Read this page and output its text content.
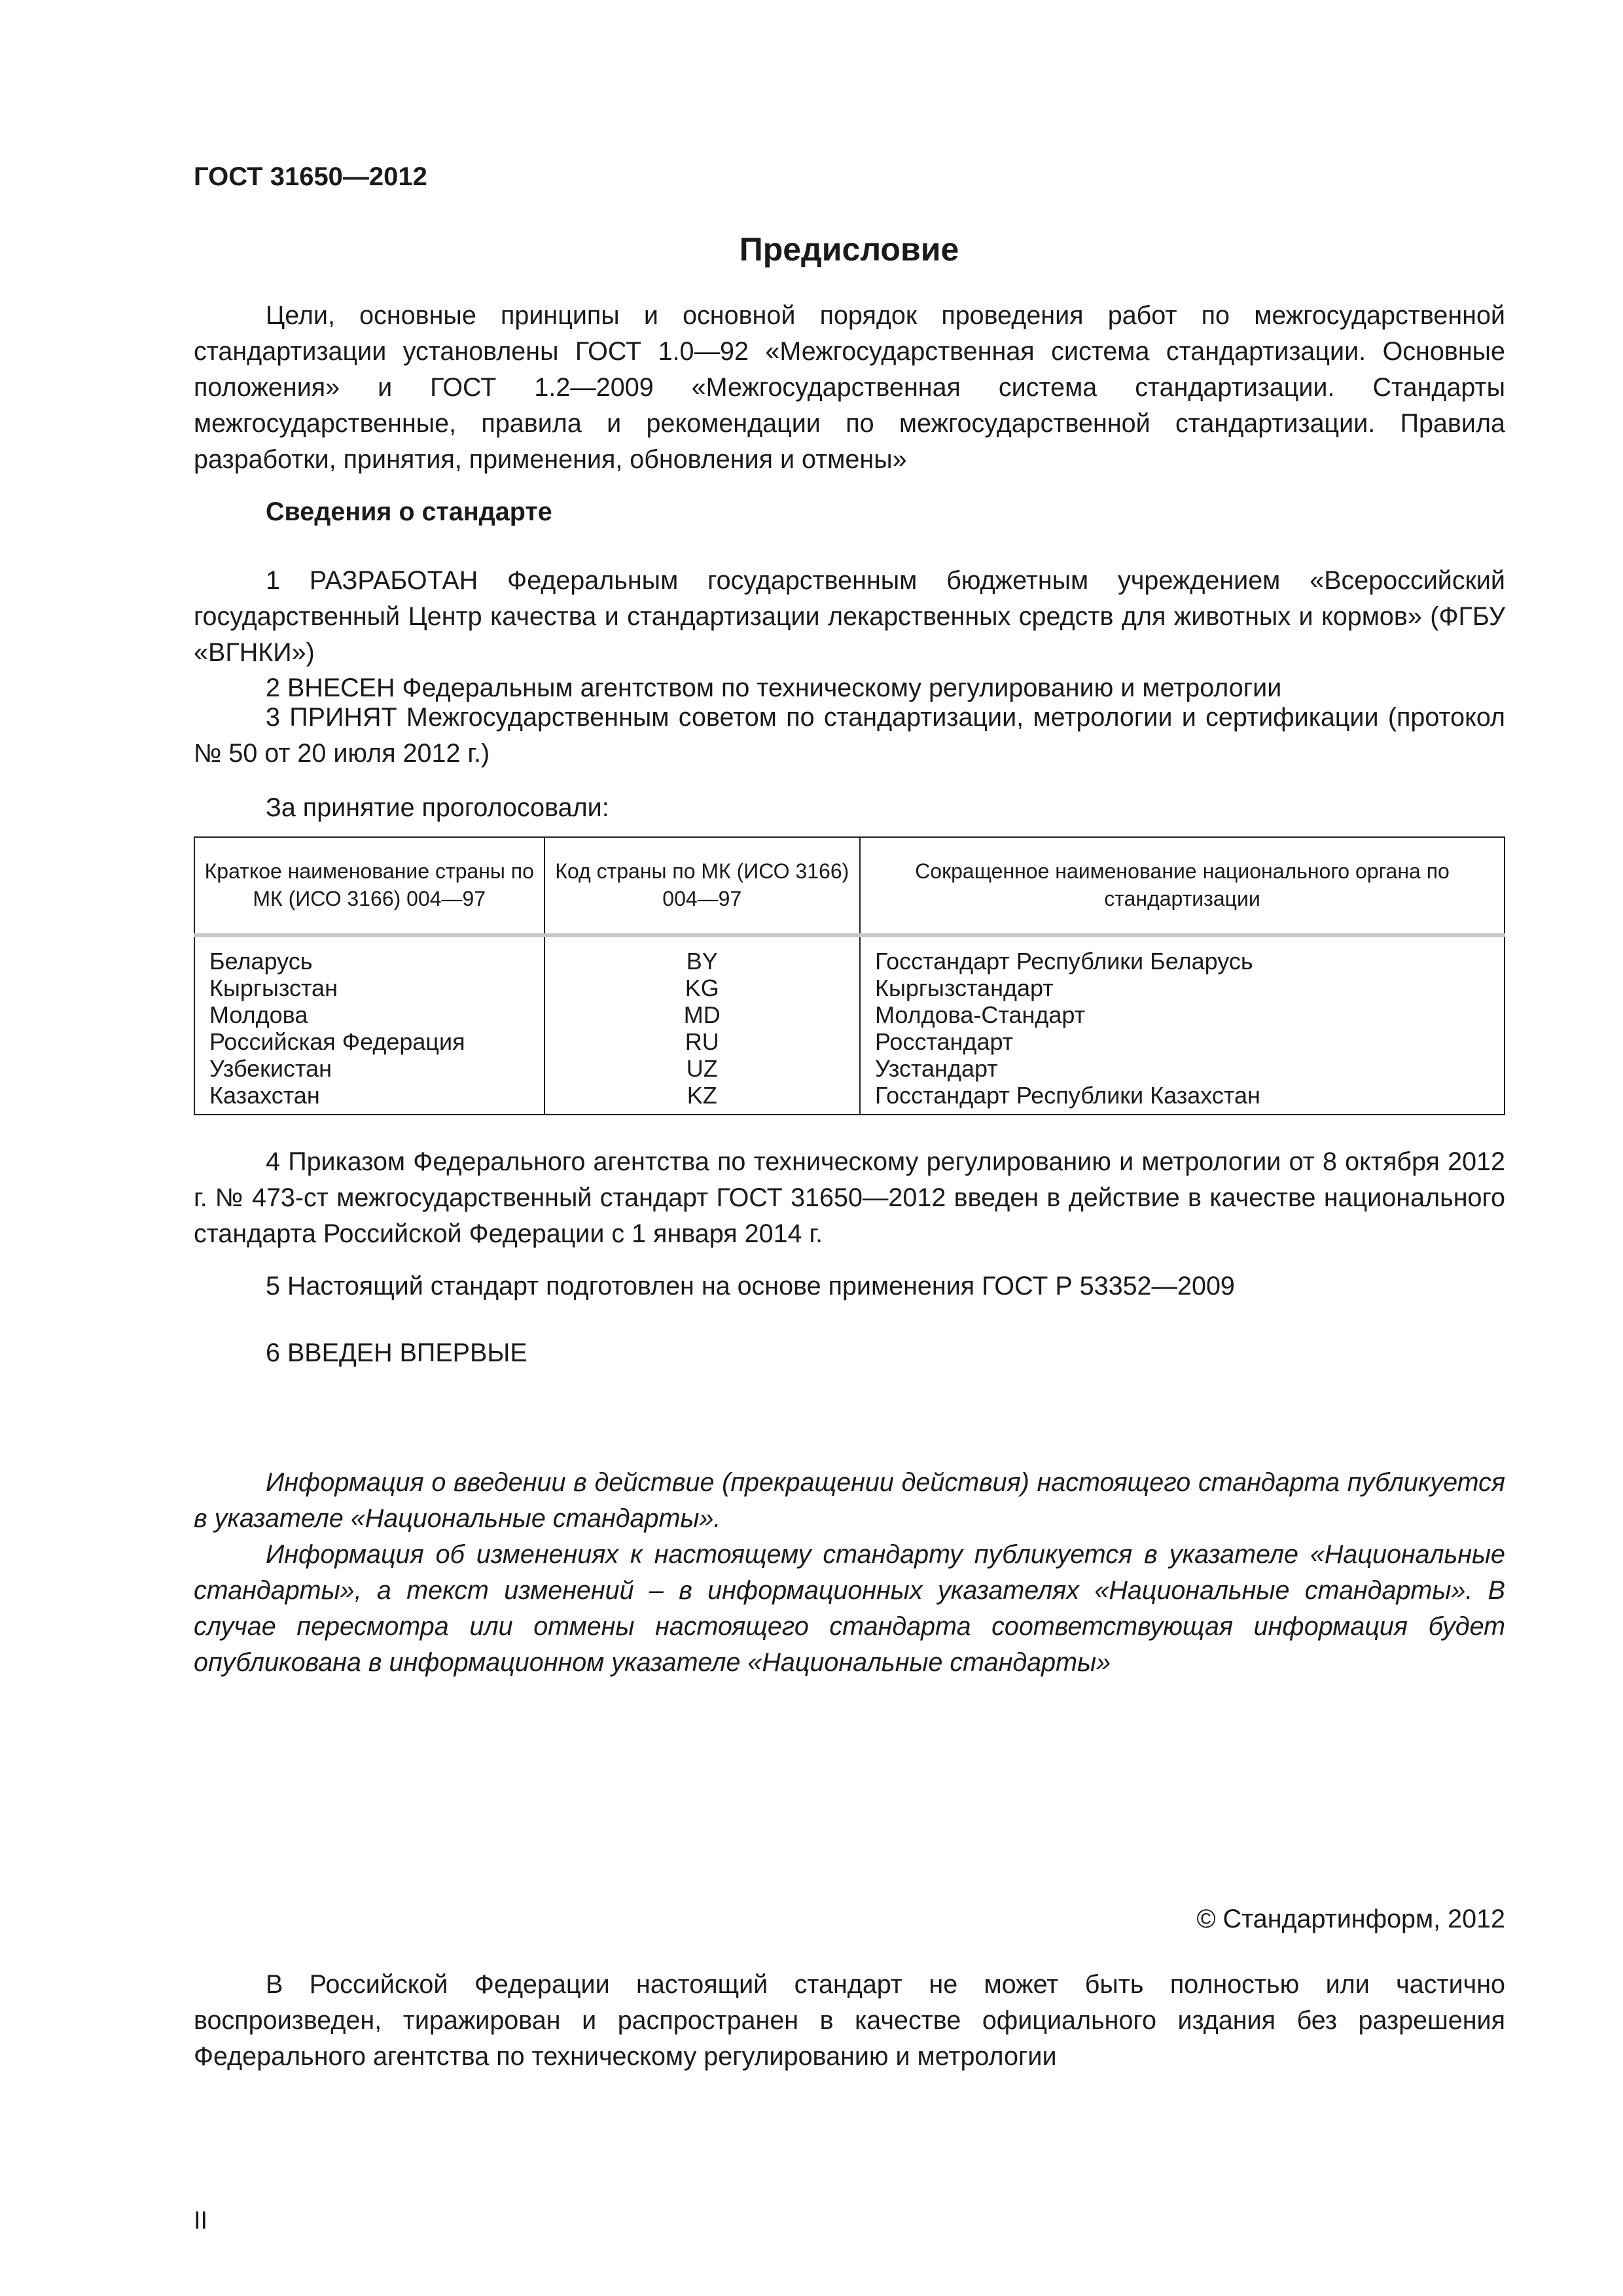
ГОСТ 31650—2012
Предисловие
Цели, основные принципы и основной порядок проведения работ по межгосударственной стандартизации установлены ГОСТ 1.0—92 «Межгосударственная система стандартизации. Основные положения» и ГОСТ 1.2—2009 «Межгосударственная система стандартизации. Стандарты межгосударственные, правила и рекомендации по межгосударственной стандартизации. Правила разработки, принятия, применения, обновления и отмены»
Сведения о стандарте
1 РАЗРАБОТАН Федеральным государственным бюджетным учреждением «Всероссийский государственный Центр качества и стандартизации лекарственных средств для животных и кормов» (ФГБУ «ВГНКИ»)
2 ВНЕСЕН Федеральным агентством по техническому регулированию и метрологии
3 ПРИНЯТ Межгосударственным советом по стандартизации, метрологии и сертификации (протокол № 50 от 20 июля 2012 г.)
За принятие проголосовали:
Краткое наименование страны по МК (ИСО 3166) 004—97	Код страны по МК (ИСО 3166) 004—97	Сокращенное наименование национального органа по стандартизации
Беларусь	BY	Госстандарт Республики Беларусь
Кыргызстан	KG	Кыргызстандарт
Молдова	MD	Молдова-Стандарт
Российская Федерация	RU	Росстандарт
Узбекистан	UZ	Узстандарт
Казахстан	KZ	Госстандарт Республики Казахстан
4 Приказом Федерального агентства по техническому регулированию и метрологии от 8 октября 2012 г. № 473-ст межгосударственный стандарт ГОСТ 31650—2012 введен в действие в качестве национального стандарта Российской Федерации с 1 января 2014 г.
5 Настоящий стандарт подготовлен на основе применения ГОСТ Р 53352—2009
6 ВВЕДЕН ВПЕРВЫЕ
Информация о введении в действие (прекращении действия) настоящего стандарта публикуется в указателе «Национальные стандарты».
Информация об изменениях к настоящему стандарту публикуется в указателе «Национальные стандарты», а текст изменений – в информационных указателях «Национальные стандарты». В случае пересмотра или отмены настоящего стандарта соответствующая информация будет опубликована в информационном указателе «Национальные стандарты»
© Стандартинформ, 2012
В Российской Федерации настоящий стандарт не может быть полностью или частично воспроизведен, тиражирован и распространен в качестве официального издания без разрешения Федерального агентства по техническому регулированию и метрологии
II
